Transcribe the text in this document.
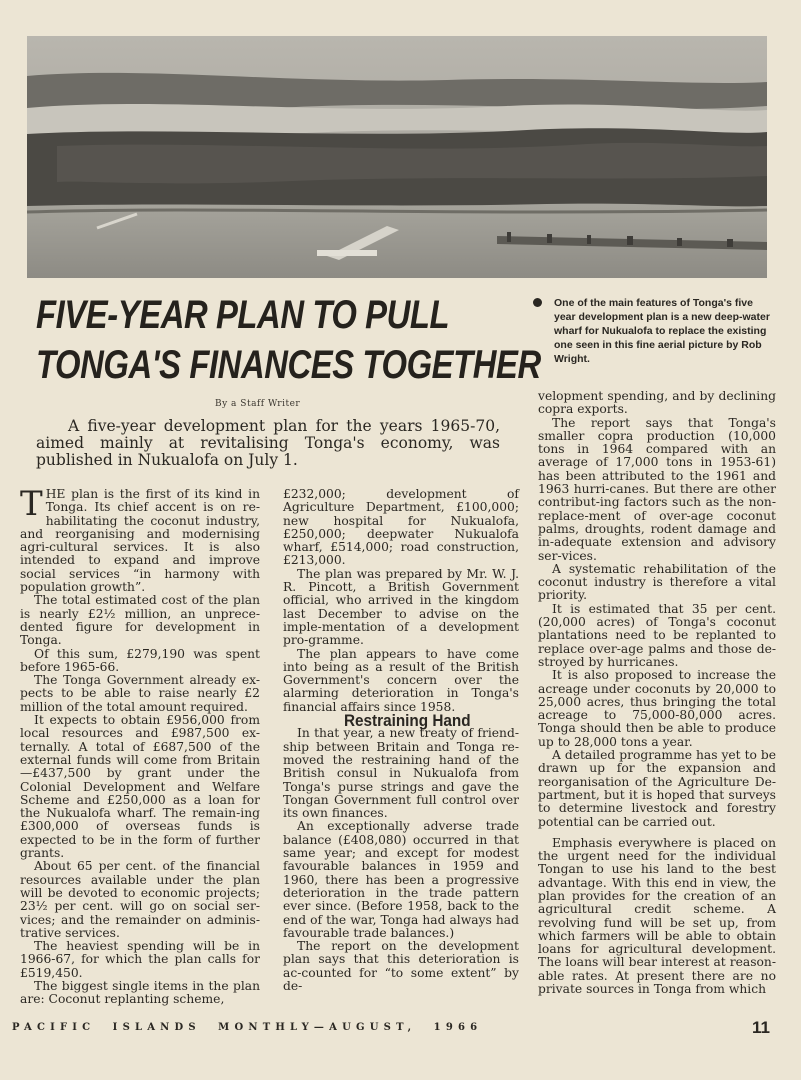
FIVE-YEAR PLAN TO PULL
TONGA'S FINANCES TOGETHER

One of the main features of Tonga's five year development plan is a new deep-water wharf for Nukualofa to replace the existing one seen in this fine aerial picture by Rob Wright.

By a Staff Writer

A five-year development plan for the years 1965-70, aimed mainly at revitalising Tonga's economy, was published in Nukualofa on July 1.

THE plan is the first of its kind in Tonga. Its chief accent is on re-habilitating the coconut industry, and reorganising and modernising agri-cultural services. It is also intended to expand and improve social services “in harmony with population growth”.

The total estimated cost of the plan is nearly £2½ million, an unprece-dented figure for development in Tonga.

Of this sum, £279,190 was spent before 1965-66.

The Tonga Government already ex-pects to be able to raise nearly £2 million of the total amount required.

It expects to obtain £956,000 from local resources and £987,500 ex-ternally. A total of £687,500 of the external funds will come from Britain —£437,500 by grant under the Colonial Development and Welfare Scheme and £250,000 as a loan for the Nukualofa wharf. The remain-ing £300,000 of overseas funds is expected to be in the form of further grants.

About 65 per cent. of the financial resources available under the plan will be devoted to economic projects; 23½ per cent. will go on social ser-vices; and the remainder on adminis-trative services.

The heaviest spending will be in 1966-67, for which the plan calls for £519,450.

The biggest single items in the plan are: Coconut replanting scheme,

£232,000; development of Agriculture Department, £100,000; new hospital for Nukualofa, £250,000; deepwater Nukualofa wharf, £514,000; road construction, £213,000.

The plan was prepared by Mr. W. J. R. Pincott, a British Government official, who arrived in the kingdom last December to advise on the imple-mentation of a development pro-gramme.

The plan appears to have come into being as a result of the British Government's concern over the alarming deterioration in Tonga's financial affairs since 1958.

Restraining Hand

In that year, a new treaty of friend-ship between Britain and Tonga re-moved the restraining hand of the British consul in Nukualofa from Tonga's purse strings and gave the Tongan Government full control over its own finances.

An exceptionally adverse trade balance (£408,080) occurred in that same year; and except for modest favourable balances in 1959 and 1960, there has been a progressive deterioration in the trade pattern ever since. (Before 1958, back to the end of the war, Tonga had always had favourable trade balances.)

The report on the development plan says that this deterioration is ac-counted for “to some extent” by de-

velopment spending, and by declining copra exports.

The report says that Tonga's smaller copra production (10,000 tons in 1964 compared with an average of 17,000 tons in 1953-61) has been attributed to the 1961 and 1963 hurri-canes. But there are other contribut-ing factors such as the non-replace-ment of over-age coconut palms, droughts, rodent damage and in-adequate extension and advisory ser-vices.

A systematic rehabilitation of the coconut industry is therefore a vital priority.

It is estimated that 35 per cent. (20,000 acres) of Tonga's coconut plantations need to be replanted to replace over-age palms and those de-stroyed by hurricanes.

It is also proposed to increase the acreage under coconuts by 20,000 to 25,000 acres, thus bringing the total acreage to 75,000-80,000 acres. Tonga should then be able to produce up to 28,000 tons a year.

A detailed programme has yet to be drawn up for the expansion and reorganisation of the Agriculture De-partment, but it is hoped that surveys to determine livestock and forestry potential can be carried out.

Emphasis everywhere is placed on the urgent need for the individual Tongan to use his land to the best advantage. With this end in view, the plan provides for the creation of an agricultural credit scheme. A revolving fund will be set up, from which farmers will be able to obtain loans for agricultural development. The loans will bear interest at reason-able rates. At present there are no private sources in Tonga from which

PACIFIC  ISLANDS  MONTHLY—AUGUST,  1966	11
